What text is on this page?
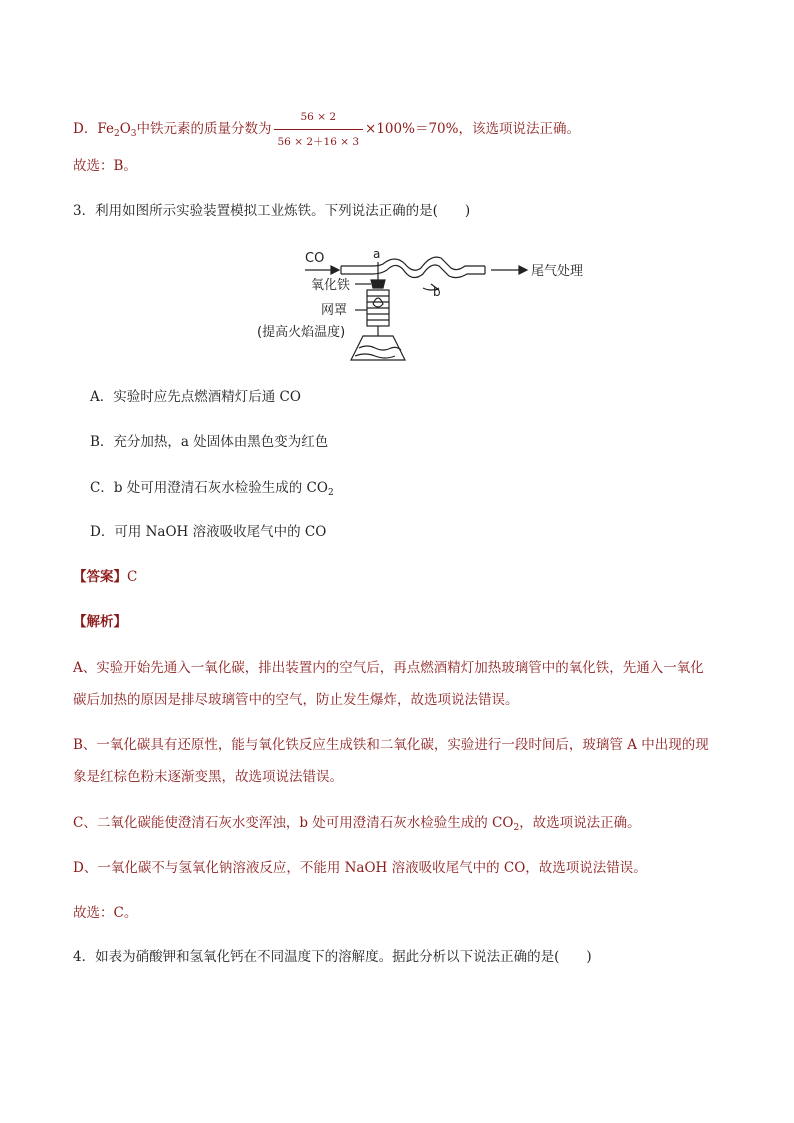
D．$Fe_2O_3$中铁元素的质量分数为 $\frac{56 \times 2}{56 \times 2+16 \times 3} \times 100\%=70\%$，该选项说法正确。
故选：B。
3．利用如图所示实验装置模拟工业炼铁。下列说法正确的是(　　)
CO	a
b
尾气处理
氧化铁
网罩
(提高火焰温度)
A．实验时应先点燃酒精灯后通 CO
B．充分加热，a 处固体由黑色变为红色
C．b 处可用澄清石灰水检验生成的 $CO_2$
D．可用 NaOH 溶液吸收尾气中的 CO
【答案】C
【解析】
A、实验开始先通入一氧化碳，排出装置内的空气后，再点燃酒精灯加热玻璃管中的氧化铁，先通入一氧化
碳后加热的原因是排尽玻璃管中的空气，防止发生爆炸，故选项说法错误。
B、一氧化碳具有还原性，能与氧化铁反应生成铁和二氧化碳，实验进行一段时间后，玻璃管 A 中出现的现
象是红棕色粉末逐渐变黑，故选项说法错误。
C、二氧化碳能使澄清石灰水变浑浊，b 处可用澄清石灰水检验生成的 $CO_2$，故选项说法正确。
D、一氧化碳不与氢氧化钠溶液反应，不能用 NaOH 溶液吸收尾气中的 CO，故选项说法错误。
故选：C。
4．如表为硝酸钾和氢氧化钙在不同温度下的溶解度。据此分析以下说法正确的是(　　)
